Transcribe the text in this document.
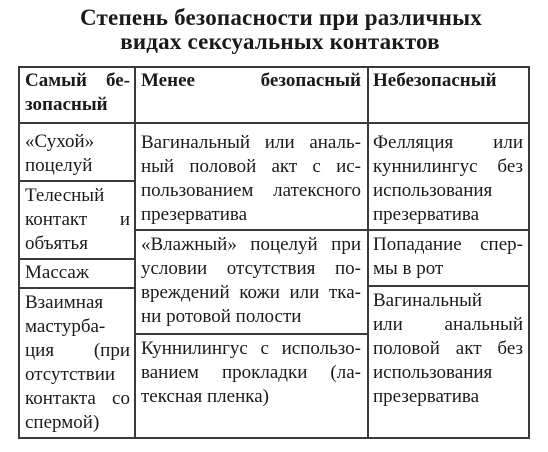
Степень безопасности при различных
видах сексуальных контактов
Самый бе-
зопасный
Менее безопасный Небезопасный
«Сухой»
поцелуй
Телесный
контакт и
объятья
Массаж
Взаимная
мастурба-
ция (при
отсутствии
контакта со
спермой)
Вагинальный или аналь-
ный половой акт с ис-
пользованием латексного
презерватива
«Влажный» поцелуй при
условии отсутствия по-
вреждений кожи или тка-
ни ротовой полости
Куннилингус с использо-
ванием прокладки (ла-
тексная пленка)
Фелляция или
куннилингус без
использования
презерватива
Попадание спер-
мы в рот
Вагинальный
или анальный
половой акт без
использования
презерватива
